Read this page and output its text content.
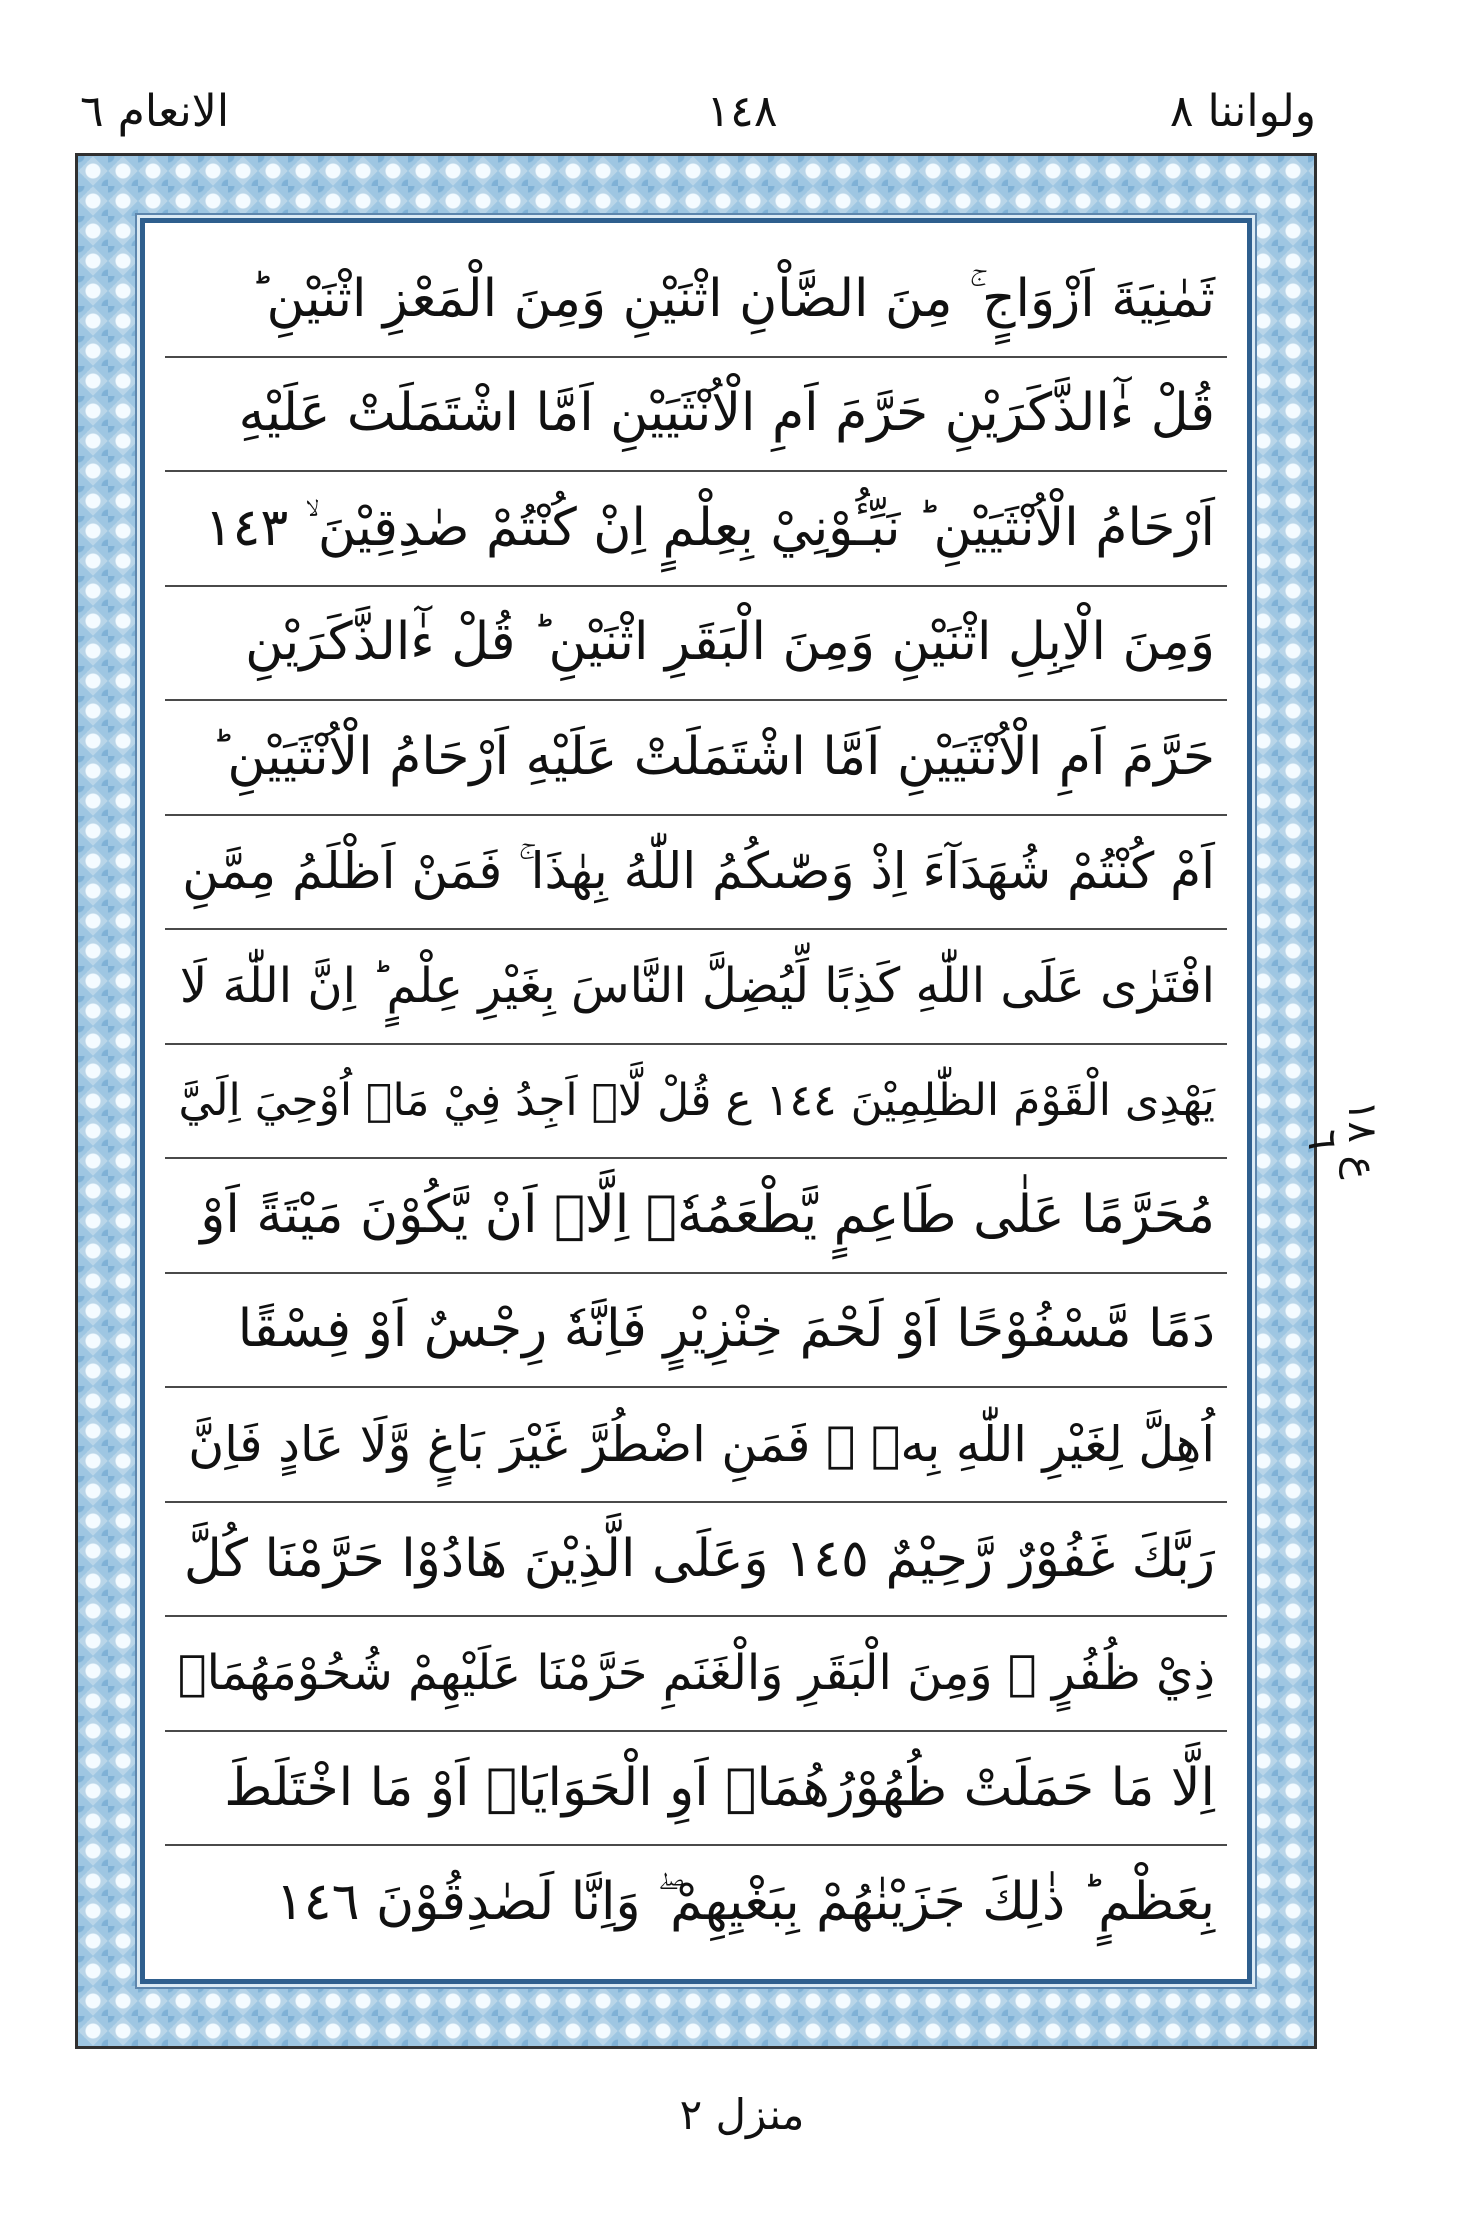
ولواننا ٨
١٤٨
الانعام ٦
ثَمٰنِيَةَ اَزْوَاجٍ ۚ مِنَ الضَّاْنِ اثْنَيْنِ وَمِنَ الْمَعْزِ اثْنَيْنِ ؕ
قُلْ ءٰٓالذَّكَرَيْنِ حَرَّمَ اَمِ الْاُنْثَيَيْنِ اَمَّا اشْتَمَلَتْ عَلَيْهِ
اَرْحَامُ الْاُنْثَيَيْنِ ؕ نَبِّـُٔوْنِيْ بِعِلْمٍ اِنْ كُنْتُمْ صٰدِقِيْنَ ۙ ١٤٣
وَمِنَ الْاِبِلِ اثْنَيْنِ وَمِنَ الْبَقَرِ اثْنَيْنِ ؕ قُلْ ءٰٓالذَّكَرَيْنِ
حَرَّمَ اَمِ الْاُنْثَيَيْنِ اَمَّا اشْتَمَلَتْ عَلَيْهِ اَرْحَامُ الْاُنْثَيَيْنِ ؕ
اَمْ كُنْتُمْ شُهَدَآءَ اِذْ وَصّٰىكُمُ اللّٰهُ بِهٰذَا ۚ فَمَنْ اَظْلَمُ مِمَّنِ
افْتَرٰى عَلَى اللّٰهِ كَذِبًا لِّيُضِلَّ النَّاسَ بِغَيْرِ عِلْمٍ ؕ اِنَّ اللّٰهَ لَا
يَهْدِى الْقَوْمَ الظّٰلِمِيْنَ ١٤٤ ع قُلْ لَّاۤ اَجِدُ فِيْ مَاۤ اُوْحِيَ اِلَيَّ
مُحَرَّمًا عَلٰى طَاعِمٍ يَّطْعَمُهٗۤ اِلَّاۤ اَنْ يَّكُوْنَ مَيْتَةً اَوْ
دَمًا مَّسْفُوْحًا اَوْ لَحْمَ خِنْزِيْرٍ فَاِنَّهٗ رِجْسٌ اَوْ فِسْقًا
اُهِلَّ لِغَيْرِ اللّٰهِ بِهٖ ۚ فَمَنِ اضْطُرَّ غَيْرَ بَاغٍ وَّلَا عَادٍ فَاِنَّ
رَبَّكَ غَفُوْرٌ رَّحِيْمٌ ١٤٥ وَعَلَى الَّذِيْنَ هَادُوْا حَرَّمْنَا كُلَّ
ذِيْ ظُفُرٍ ۚ وَمِنَ الْبَقَرِ وَالْغَنَمِ حَرَّمْنَا عَلَيْهِمْ شُحُوْمَهُمَاۤ
اِلَّا مَا حَمَلَتْ ظُهُوْرُهُمَاۤ اَوِ الْحَوَايَاۤ اَوْ مَا اخْتَلَطَ
بِعَظْمٍ ؕ ذٰلِكَ جَزَيْنٰهُمْ بِبَغْيِهِمْ ۖ وَاِنَّا لَصٰدِقُوْنَ ١٤٦
ع ١٨ ٦
منزل ٢
